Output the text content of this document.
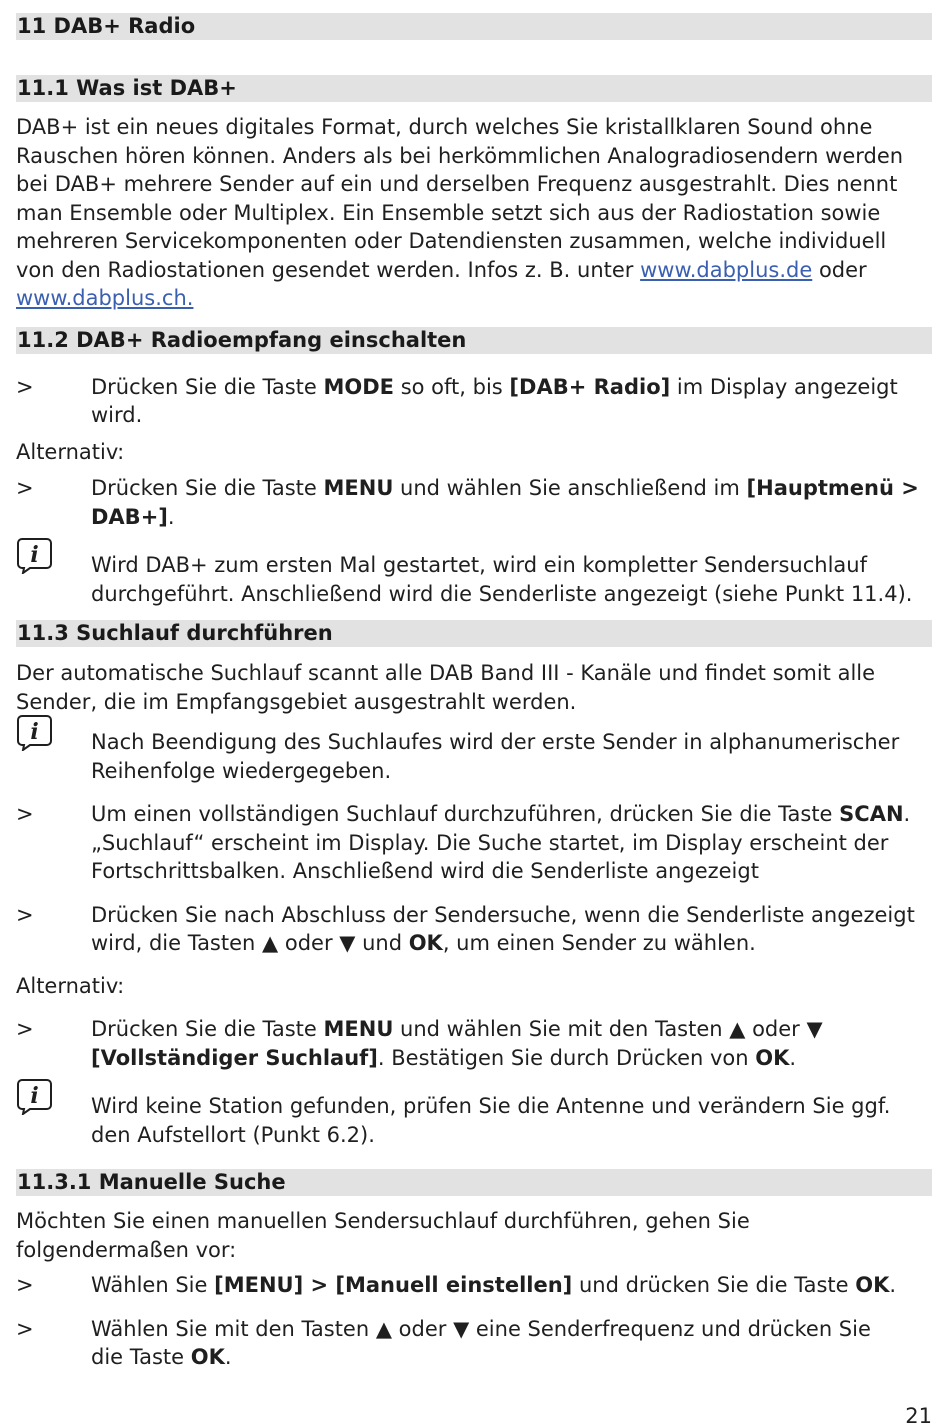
11 DAB+ Radio
11.1 Was ist DAB+
DAB+ ist ein neues digitales Format, durch welches Sie kristallklaren Sound ohne
Rauschen hören können. Anders als bei herkömmlichen Analogradiosendern werden
bei DAB+ mehrere Sender auf ein und derselben Frequenz ausgestrahlt. Dies nennt
man Ensemble oder Multiplex. Ein Ensemble setzt sich aus der Radiostation sowie
mehreren Servicekomponenten oder Datendiensten zusammen, welche individuell
von den Radiostationen gesendet werden. Infos z. B. unter www.dabplus.de oder
www.dabplus.ch.
11.2 DAB+ Radioempfang einschalten
>	Drücken Sie die Taste MODE so oft, bis [DAB+ Radio] im Display angezeigt
wird.
Alternativ:
>	Drücken Sie die Taste MENU und wählen Sie anschließend im [Hauptmenü >
DAB+].
i Wird DAB+ zum ersten Mal gestartet, wird ein kompletter Sendersuchlauf
durchgeführt. Anschließend wird die Senderliste angezeigt (siehe Punkt 11.4).
11.3 Suchlauf durchführen
Der automatische Suchlauf scannt alle DAB Band III - Kanäle und findet somit alle
Sender, die im Empfangsgebiet ausgestrahlt werden.
i Nach Beendigung des Suchlaufes wird der erste Sender in alphanumerischer
Reihenfolge wiedergegeben.
>	Um einen vollständigen Suchlauf durchzuführen, drücken Sie die Taste SCAN.
„Suchlauf“ erscheint im Display. Die Suche startet, im Display erscheint der
Fortschrittsbalken. Anschließend wird die Senderliste angezeigt
>	Drücken Sie nach Abschluss der Sendersuche, wenn die Senderliste angezeigt
wird, die Tasten ▲ oder ▼ und OK, um einen Sender zu wählen.
Alternativ:
>	Drücken Sie die Taste MENU und wählen Sie mit den Tasten ▲ oder ▼
[Vollständiger Suchlauf]. Bestätigen Sie durch Drücken von OK.
i Wird keine Station gefunden, prüfen Sie die Antenne und verändern Sie ggf.
den Aufstellort (Punkt 6.2).
11.3.1 Manuelle Suche
Möchten Sie einen manuellen Sendersuchlauf durchführen, gehen Sie
folgendermaßen vor:
>	Wählen Sie [MENU] > [Manuell einstellen] und drücken Sie die Taste OK.
>	Wählen Sie mit den Tasten ▲ oder ▼ eine Senderfrequenz und drücken Sie
die Taste OK.
21
